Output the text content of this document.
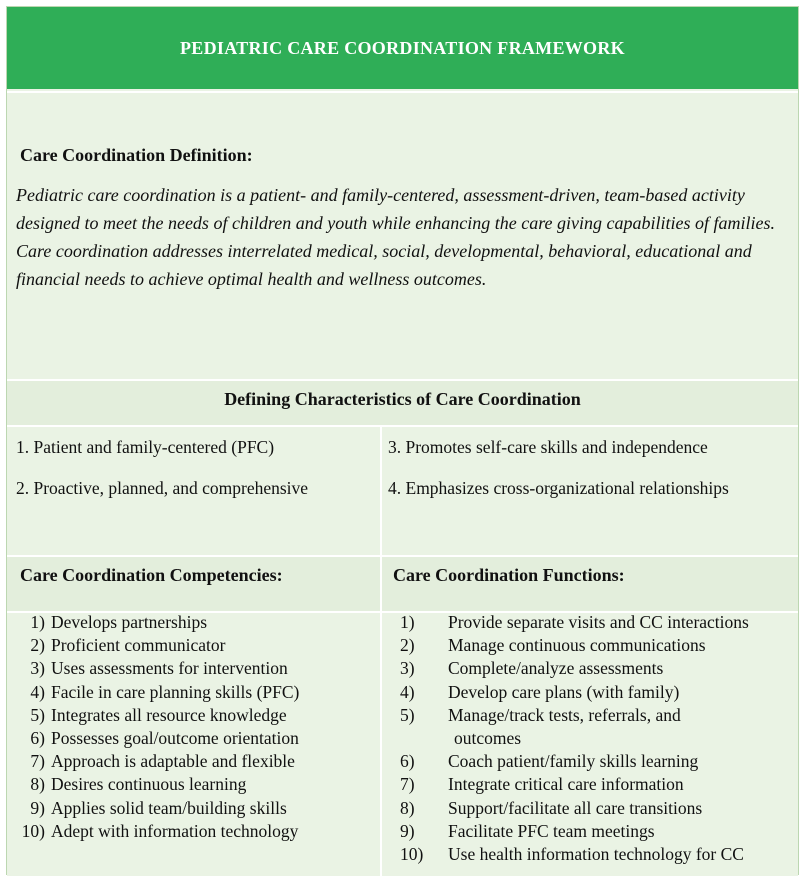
PEDIATRIC CARE COORDINATION FRAMEWORK
Care Coordination Definition:
Pediatric care coordination is a patient- and family-centered, assessment-driven, team-based activity designed to meet the needs of children and youth while enhancing the care giving capabilities of families. Care coordination addresses interrelated medical, social, developmental, behavioral, educational and financial needs to achieve optimal health and wellness outcomes.
Defining Characteristics of Care Coordination
1. Patient and family-centered (PFC)
2. Proactive, planned, and comprehensive
3. Promotes self-care skills and independence
4. Emphasizes cross-organizational relationships
Care Coordination Competencies:	Care Coordination Functions:
1) Develops partnerships
2) Proficient communicator
3) Uses assessments for intervention
4) Facile in care planning skills (PFC)
5) Integrates all resource knowledge
6) Possesses goal/outcome orientation
7) Approach is adaptable and flexible
8) Desires continuous learning
9) Applies solid team/building skills
10) Adept with information technology
1)	Provide separate visits and CC interactions
2)	Manage continuous communications
3)	Complete/analyze assessments
4)	Develop care plans (with family)
5)	Manage/track tests, referrals, and
outcomes
6)	Coach patient/family skills learning
7)	Integrate critical care information
8)	Support/facilitate all care transitions
9)	Facilitate PFC team meetings
10)	Use health information technology for CC
